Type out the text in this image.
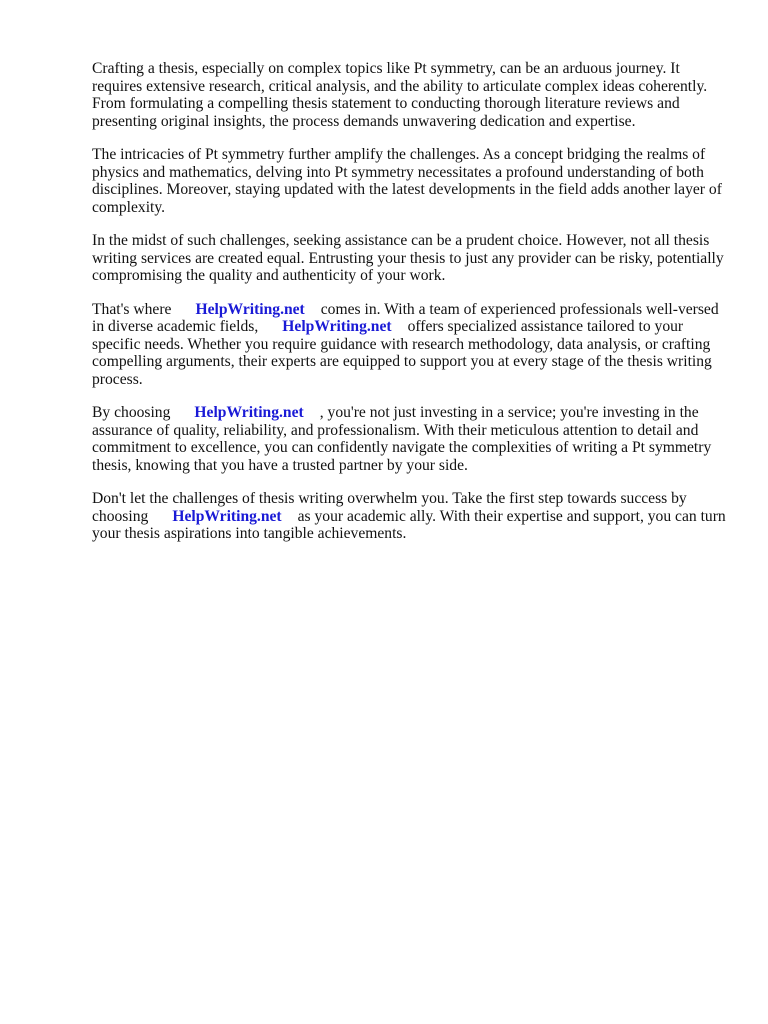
Crafting a thesis, especially on complex topics like Pt symmetry, can be an arduous journey. It requires extensive research, critical analysis, and the ability to articulate complex ideas coherently. From formulating a compelling thesis statement to conducting thorough literature reviews and presenting original insights, the process demands unwavering dedication and expertise.

The intricacies of Pt symmetry further amplify the challenges. As a concept bridging the realms of physics and mathematics, delving into Pt symmetry necessitates a profound understanding of both disciplines. Moreover, staying updated with the latest developments in the field adds another layer of complexity.

In the midst of such challenges, seeking assistance can be a prudent choice. However, not all thesis writing services are created equal. Entrusting your thesis to just any provider can be risky, potentially compromising the quality and authenticity of your work.

That's where HelpWriting.net comes in. With a team of experienced professionals well-versed in diverse academic fields, HelpWriting.net offers specialized assistance tailored to your specific needs. Whether you require guidance with research methodology, data analysis, or crafting compelling arguments, their experts are equipped to support you at every stage of the thesis writing process.

By choosing HelpWriting.net , you're not just investing in a service; you're investing in the assurance of quality, reliability, and professionalism. With their meticulous attention to detail and commitment to excellence, you can confidently navigate the complexities of writing a Pt symmetry thesis, knowing that you have a trusted partner by your side.

Don't let the challenges of thesis writing overwhelm you. Take the first step towards success by choosing HelpWriting.net as your academic ally. With their expertise and support, you can turn your thesis aspirations into tangible achievements.
